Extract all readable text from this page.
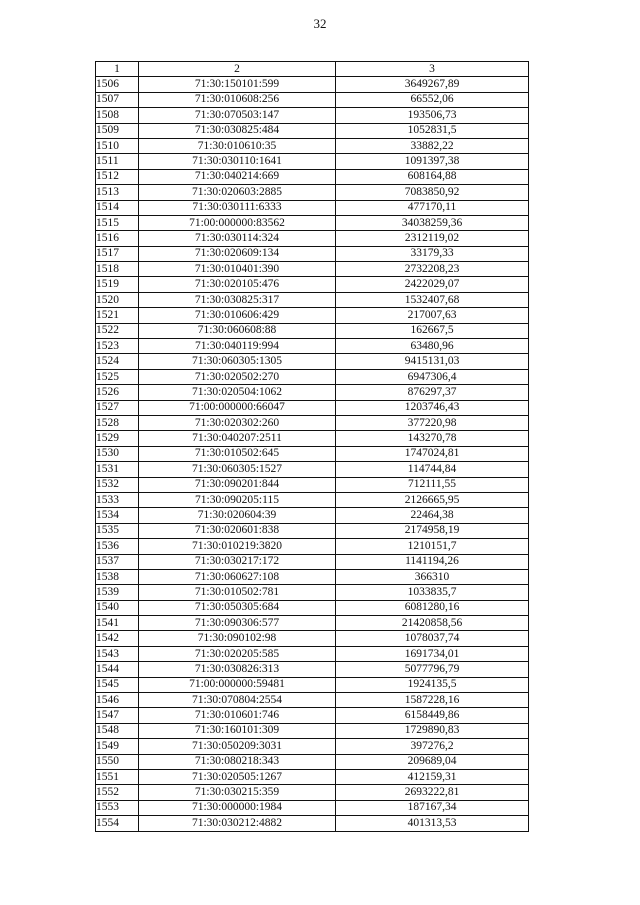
32
1	2	3
1506	71:30:150101:599	3649267,89
1507	71:30:010608:256	66552,06
1508	71:30:070503:147	193506,73
1509	71:30:030825:484	1052831,5
1510	71:30:010610:35	33882,22
1511	71:30:030110:1641	1091397,38
1512	71:30:040214:669	608164,88
1513	71:30:020603:2885	7083850,92
1514	71:30:030111:6333	477170,11
1515	71:00:000000:83562	34038259,36
1516	71:30:030114:324	2312119,02
1517	71:30:020609:134	33179,33
1518	71:30:010401:390	2732208,23
1519	71:30:020105:476	2422029,07
1520	71:30:030825:317	1532407,68
1521	71:30:010606:429	217007,63
1522	71:30:060608:88	162667,5
1523	71:30:040119:994	63480,96
1524	71:30:060305:1305	9415131,03
1525	71:30:020502:270	6947306,4
1526	71:30:020504:1062	876297,37
1527	71:00:000000:66047	1203746,43
1528	71:30:020302:260	377220,98
1529	71:30:040207:2511	143270,78
1530	71:30:010502:645	1747024,81
1531	71:30:060305:1527	114744,84
1532	71:30:090201:844	712111,55
1533	71:30:090205:115	2126665,95
1534	71:30:020604:39	22464,38
1535	71:30:020601:838	2174958,19
1536	71:30:010219:3820	1210151,7
1537	71:30:030217:172	1141194,26
1538	71:30:060627:108	366310
1539	71:30:010502:781	1033835,7
1540	71:30:050305:684	6081280,16
1541	71:30:090306:577	21420858,56
1542	71:30:090102:98	1078037,74
1543	71:30:020205:585	1691734,01
1544	71:30:030826:313	5077796,79
1545	71:00:000000:59481	1924135,5
1546	71:30:070804:2554	1587228,16
1547	71:30:010601:746	6158449,86
1548	71:30:160101:309	1729890,83
1549	71:30:050209:3031	397276,2
1550	71:30:080218:343	209689,04
1551	71:30:020505:1267	412159,31
1552	71:30:030215:359	2693222,81
1553	71:30:000000:1984	187167,34
1554	71:30:030212:4882	401313,53
